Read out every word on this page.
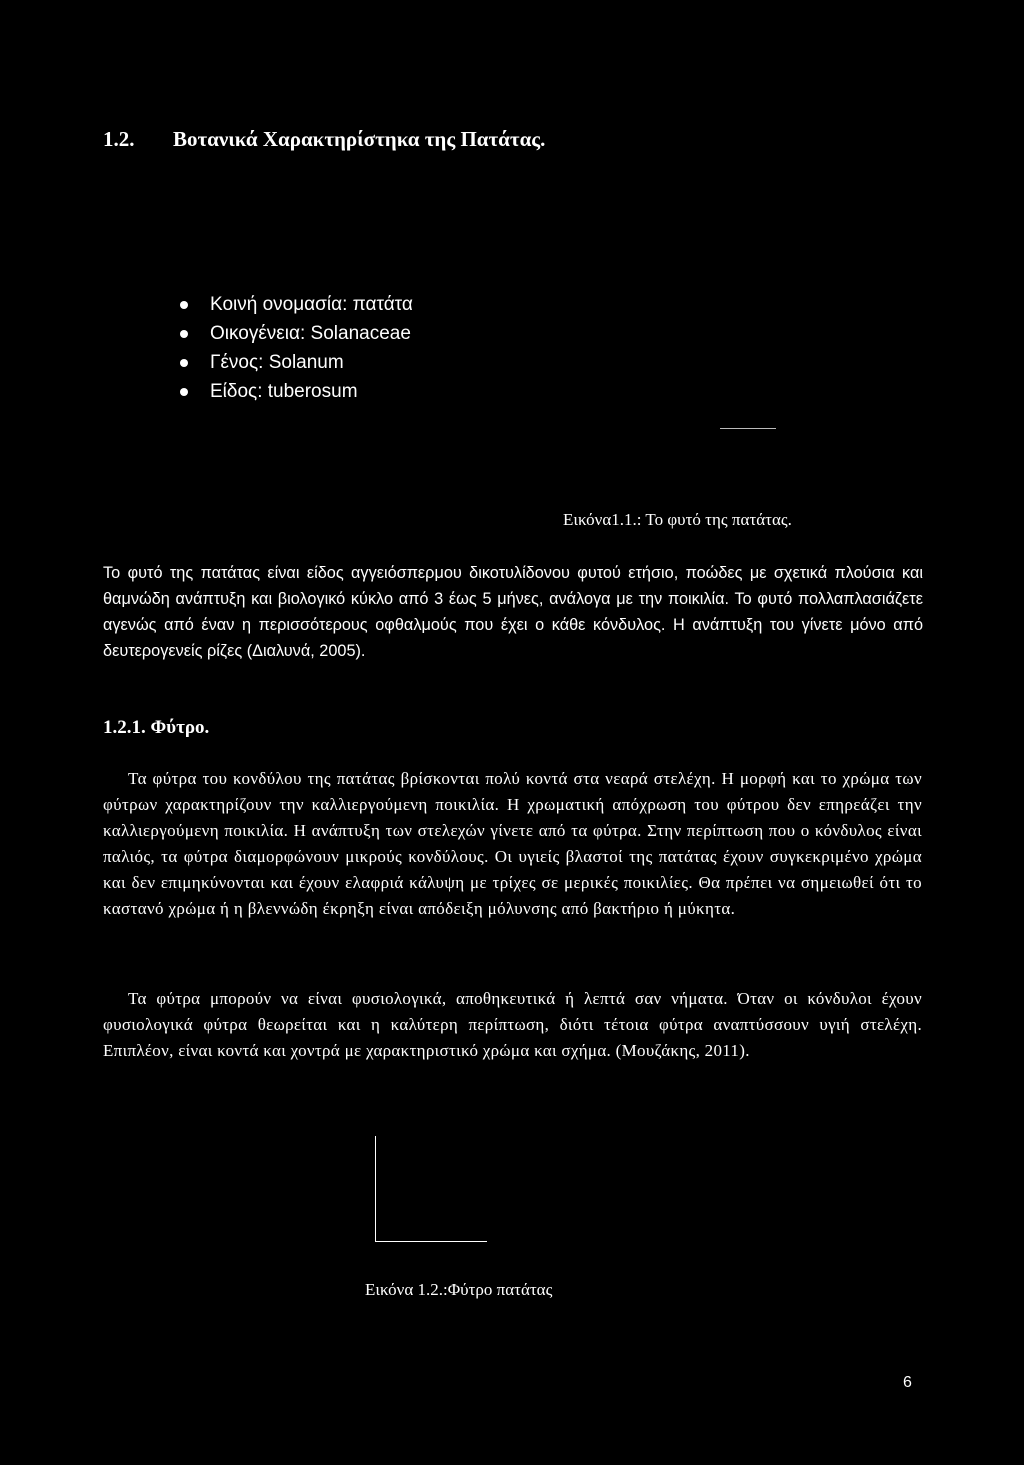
1.2. Βοτανικά Χαρακτηρίστηκα της Πατάτας.
Κοινή ονομασία: πατάτα
Οικογένεια: Solanaceae
Γένος: Solanum
Είδος: tuberosum
Εικόνα1.1.: Το φυτό της πατάτας.
Το φυτό της πατάτας είναι είδος αγγειόσπερμου δικοτυλίδονου φυτού ετήσιο, ποώδες με σχετικά πλούσια και θαμνώδη ανάπτυξη και βιολογικό κύκλο από 3 έως 5 μήνες, ανάλογα με την ποικιλία. Το φυτό πολλαπλασιάζετε αγενώς από έναν η περισσότερους οφθαλμούς που έχει ο κάθε κόνδυλος. Η ανάπτυξη του γίνετε μόνο από δευτερογενείς ρίζες (Διαλυνά, 2005).
1.2.1. Φύτρο.
Τα φύτρα του κονδύλου της πατάτας βρίσκονται πολύ κοντά στα νεαρά στελέχη. Η μορφή και το χρώμα των φύτρων χαρακτηρίζουν την καλλιεργούμενη ποικιλία. Η χρωματική απόχρωση του φύτρου δεν επηρεάζει την καλλιεργούμενη ποικιλία. Η ανάπτυξη των στελεχών γίνετε από τα φύτρα. Στην περίπτωση που ο κόνδυλος είναι παλιός, τα φύτρα διαμορφώνουν μικρούς κονδύλους. Οι υγιείς βλαστοί της πατάτας έχουν συγκεκριμένο χρώμα και δεν επιμηκύνονται και έχουν ελαφριά κάλυψη με τρίχες σε μερικές ποικιλίες. Θα πρέπει να σημειωθεί ότι το καστανό χρώμα ή η βλεννώδη έκρηξη είναι απόδειξη μόλυνσης από βακτήριο ή μύκητα.
Τα φύτρα μπορούν να είναι φυσιολογικά, αποθηκευτικά ή λεπτά σαν νήματα. Όταν οι κόνδυλοι έχουν φυσιολογικά φύτρα θεωρείται και η καλύτερη περίπτωση, διότι τέτοια φύτρα αναπτύσσουν υγιή στελέχη. Επιπλέον, είναι κοντά και χοντρά με χαρακτηριστικό χρώμα και σχήμα. (Μουζάκης, 2011).
Εικόνα 1.2.:Φύτρο πατάτας
6
